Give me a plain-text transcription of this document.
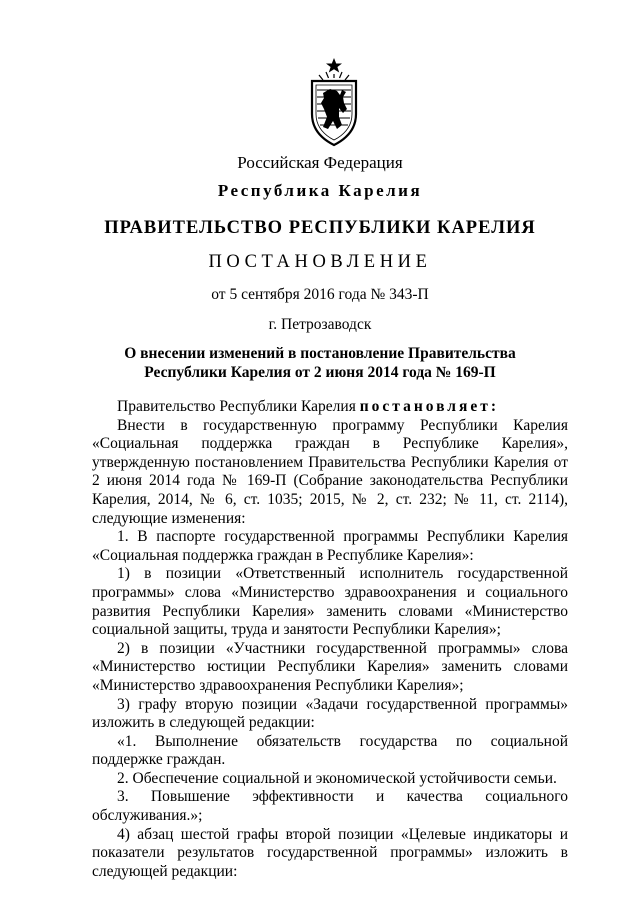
Российская Федерация
Республика Карелия
ПРАВИТЕЛЬСТВО РЕСПУБЛИКИ КАРЕЛИЯ
ПОСТАНОВЛЕНИЕ
от 5 сентября 2016 года № 343-П
г. Петрозаводск
О внесении изменений в постановление Правительства
Республики Карелия от 2 июня 2014 года № 169-П

Правительство Республики Карелия постановляет:

Внести в государственную программу Республики Карелия «Социальная поддержка граждан в Республике Карелия», утвержденную постановлением Правительства Республики Карелия от 2 июня 2014 года № 169-П (Собрание законодательства Республики Карелия, 2014, № 6, ст. 1035; 2015, № 2, ст. 232; № 11, ст. 2114), следующие изменения:

1. В паспорте государственной программы Республики Карелия «Социальная поддержка граждан в Республике Карелия»:

1) в позиции «Ответственный исполнитель государственной программы» слова «Министерство здравоохранения и социального развития Республики Карелия» заменить словами «Министерство социальной защиты, труда и занятости Республики Карелия»;

2) в позиции «Участники государственной программы» слова «Министерство юстиции Республики Карелия» заменить словами «Министерство здравоохранения Республики Карелия»;

3) графу вторую позиции «Задачи государственной программы» изложить в следующей редакции:

«1. Выполнение обязательств государства по социальной поддержке граждан.

2. Обеспечение социальной и экономической устойчивости семьи.

3. Повышение эффективности и качества социального обслуживания.»;

4) абзац шестой графы второй позиции «Целевые индикаторы и показатели результатов государственной программы» изложить в следующей редакции:
